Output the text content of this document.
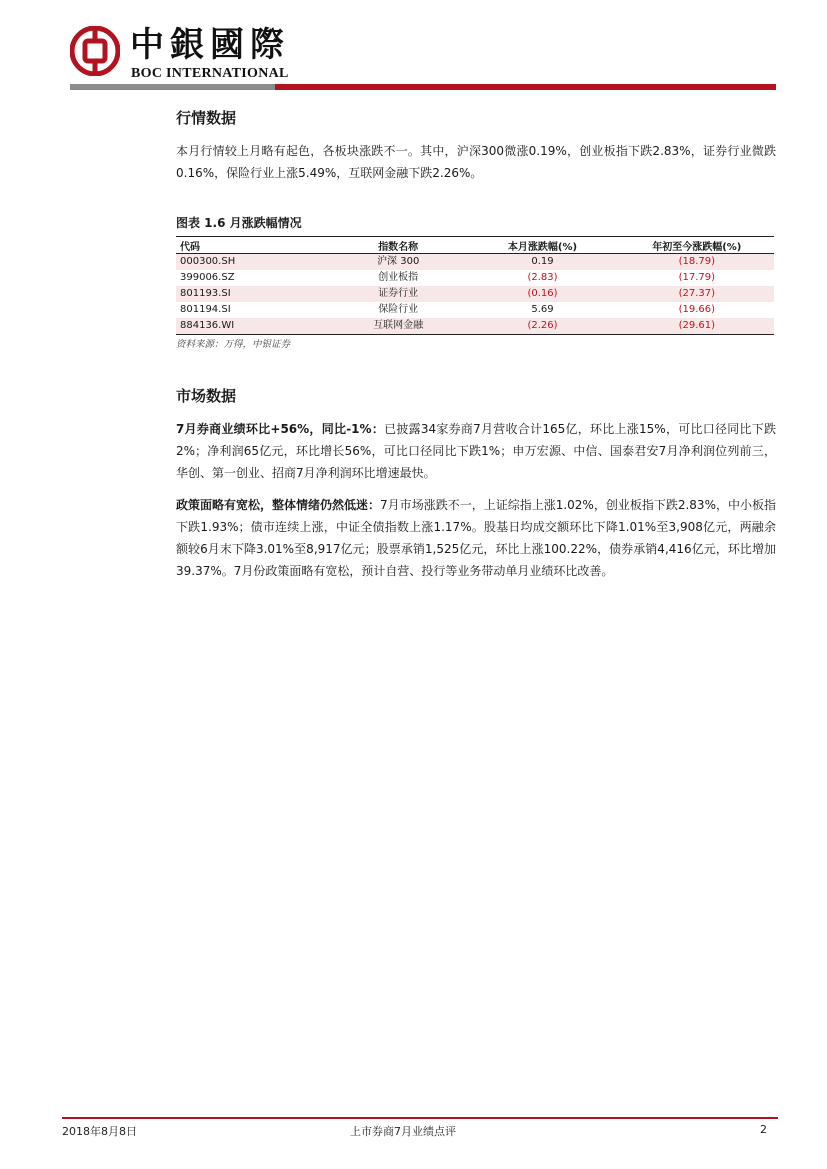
中銀國際
BOC INTERNATIONAL
行情数据

本月行情较上月略有起色，各板块涨跌不一。其中，沪深300微涨0.19%，创业板指下跌2.83%，证券行业微跌0.16%，保险行业上涨5.49%，互联网金融下跌2.26%。

图表 1.6 月涨跌幅情况

代码	指数名称	本月涨跌幅(%)	年初至今涨跌幅(%)
000300.SH	沪深 300	0.19	(18.79)
399006.SZ	创业板指	(2.83)	(17.79)
801193.SI	证券行业	(0.16)	(27.37)
801194.SI	保险行业	5.69	(19.66)
884136.WI	互联网金融	(2.26)	(29.61)

资料来源：万得，中银证券

市场数据

7月券商业绩环比+56%，同比-1%：已披露34家券商7月营收合计165亿，环比上涨15%，可比口径同比下跌2%；净利润65亿元，环比增长56%，可比口径同比下跌1%；申万宏源、中信、国泰君安7月净利润位列前三，华创、第一创业、招商7月净利润环比增速最快。

政策面略有宽松，整体情绪仍然低迷：7月市场涨跌不一，上证综指上涨1.02%，创业板指下跌2.83%，中小板指下跌1.93%；债市连续上涨，中证全债指数上涨1.17%。股基日均成交额环比下降1.01%至3,908亿元，两融余额较6月末下降3.01%至8,917亿元；股票承销1,525亿元，环比上涨100.22%，债券承销4,416亿元，环比增加39.37%。7月份政策面略有宽松，预计自营、投行等业务带动单月业绩环比改善。

2018年8月8日	上市券商7月业绩点评	2
